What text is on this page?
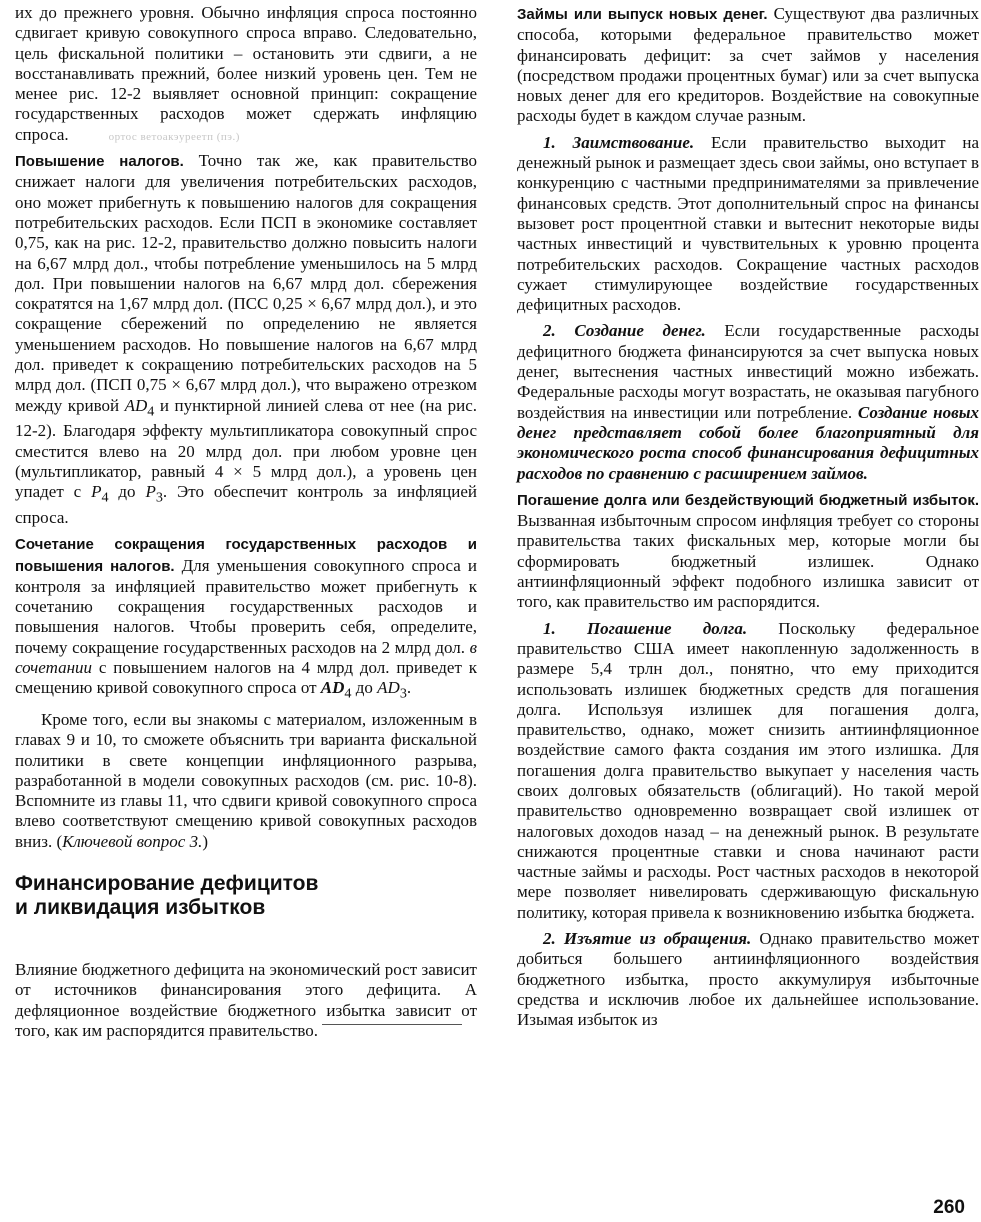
их до прежнего уровня. Обычно инфляция спроса постоянно сдвигает кривую совокупного спроса вправо. Следовательно, цель фискальной политики – остановить эти сдвиги, а не восстанавливать прежний, более низкий уровень цен. Тем не менее рис. 12-2 выявляет основной принцип: сокращение государственных расходов может сдержать инфляцию спроса.	ортос ветоакэуреетп (пэ.)

Повышение налогов. Точно так же, как правительство снижает налоги для увеличения потребительских расходов, оно может прибегнуть к повышению налогов для сокращения потребительских расходов. Если ПСП в экономике составляет 0,75, как на рис. 12-2, правительство должно повысить налоги на 6,67 млрд дол., чтобы потребление уменьшилось на 5 млрд дол. При повышении налогов на 6,67 млрд дол. сбережения сократятся на 1,67 млрд дол. (ПСС 0,25 × 6,67 млрд дол.), и это сокращение сбережений по определению не является уменьшением расходов. Но повышение налогов на 6,67 млрд дол. приведет к сокращению потребительских расходов на 5 млрд дол. (ПСП 0,75 × 6,67 млрд дол.), что выражено отрезком между кривой $AD_4$ и пунктирной линией слева от нее (на рис. 12-2). Благодаря эффекту мультипликатора совокупный спрос сместится влево на 20 млрд дол. при любом уровне цен (мультипликатор, равный 4 × 5 млрд дол.), а уровень цен упадет с $P_4$ до $P_3$. Это обеспечит контроль за инфляцией спроса.

Сочетание сокращения государственных расходов и повышения налогов. Для уменьшения совокупного спроса и контроля за инфляцией правительство может прибегнуть к сочетанию сокращения государственных расходов и повышения налогов. Чтобы проверить себя, определите, почему сокращение государственных расходов на 2 млрд дол. в сочетании с повышением налогов на 4 млрд дол. приведет к смещению кривой совокупного спроса от $AD_4$ до $AD_3$.

Кроме того, если вы знакомы с материалом, изложенным в главах 9 и 10, то сможете объяснить три варианта фискальной политики в свете концепции инфляционного разрыва, разработанной в модели совокупных расходов (см. рис. 10-8). Вспомните из главы 11, что сдвиги кривой совокупного спроса влево соответствуют смещению кривой совокупных расходов вниз. (Ключевой вопрос 3.)

Финансирование дефицитов
и ликвидация избытков

Влияние бюджетного дефицита на экономический рост зависит от источников финансирования этого дефицита. А дефляционное воздействие бюджетного избытка зависит от того, как им распорядится правительство.

Займы или выпуск новых денег. Существуют два различных способа, которыми федеральное правительство может финансировать дефицит: за счет займов у населения (посредством продажи процентных бумаг) или за счет выпуска новых денег для его кредиторов. Воздействие на совокупные расходы будет в каждом случае разным.

1. Заимствование. Если правительство выходит на денежный рынок и размещает здесь свои займы, оно вступает в конкуренцию с частными предпринимателями за привлечение финансовых средств. Этот дополнительный спрос на финансы вызовет рост процентной ставки и вытеснит некоторые виды частных инвестиций и чувствительных к уровню процента потребительских расходов. Сокращение частных расходов сужает стимулирующее воздействие государственных дефицитных расходов.

2. Создание денег. Если государственные расходы дефицитного бюджета финансируются за счет выпуска новых денег, вытеснения частных инвестиций можно избежать. Федеральные расходы могут возрастать, не оказывая пагубного воздействия на инвестиции или потребление. Создание новых денег представляет собой более благоприятный для экономического роста способ финансирования дефицитных расходов по сравнению с расширением займов.

Погашение долга или бездействующий бюджетный избыток. Вызванная избыточным спросом инфляция требует со стороны правительства таких фискальных мер, которые могли бы сформировать бюджетный излишек. Однако антиинфляционный эффект подобного излишка зависит от того, как правительство им распорядится.

1. Погашение долга. Поскольку федеральное правительство США имеет накопленную задолженность в размере 5,4 трлн дол., понятно, что ему приходится использовать излишек бюджетных средств для погашения долга. Используя излишек для погашения долга, правительство, однако, может снизить антиинфляционное воздействие самого факта создания им этого излишка. Для погашения долга правительство выкупает у населения часть своих долговых обязательств (облигаций). Но такой мерой правительство одновременно возвращает свой излишек от налоговых доходов назад – на денежный рынок. В результате снижаются процентные ставки и снова начинают расти частные займы и расходы. Рост частных расходов в некоторой мере позволяет нивелировать сдерживающую фискальную политику, которая привела к возникновению избытка бюджета.

2. Изъятие из обращения. Однако правительство может добиться большего антиинфляционного воздействия бюджетного избытка, просто аккумулируя избыточные средства и исключив любое их дальнейшее использование. Изымая избыток из

260
